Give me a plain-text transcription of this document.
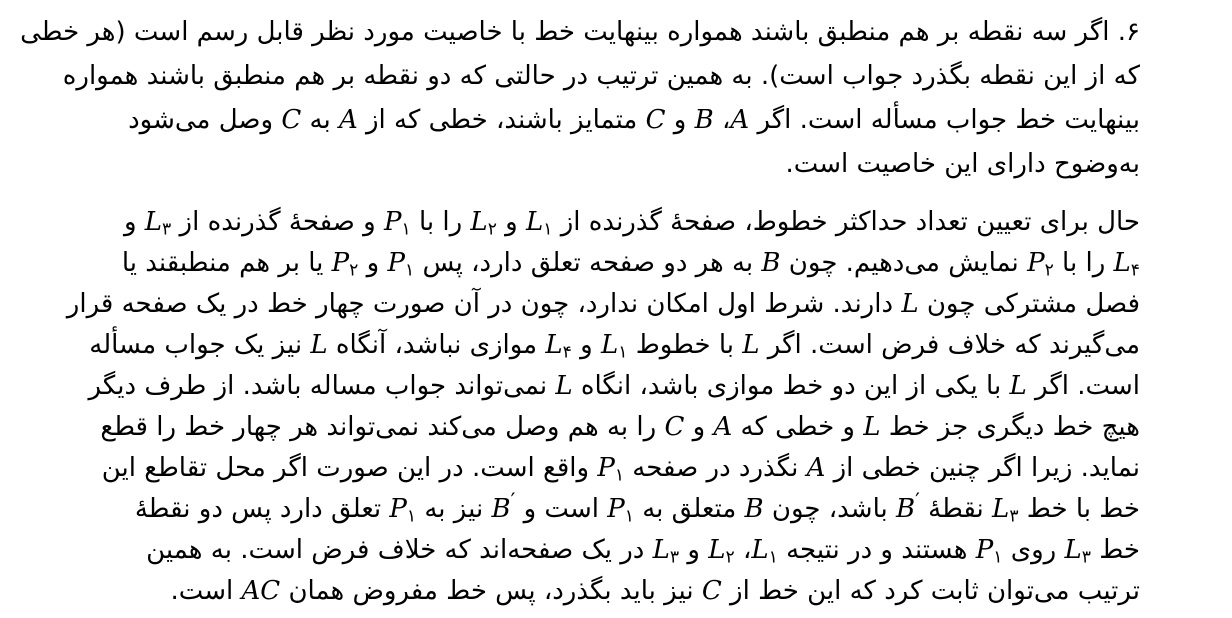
۶. اگر سه نقطه بر هم منطبق باشند همواره بینهایت خط با خاصیت مورد نظر قابل رسم است (هر خطی
که از این نقطه بگذرد جواب است). به همین ترتیب در حالتی که دو نقطه بر هم منطبق باشند همواره
بینهایت خط جواب مسأله است. اگر A، B و C متمایز باشند، خطی که از A به C وصل می‌شود
به‌وضوح دارای این خاصیت است.
حال برای تعیین تعداد حداکثر خطوط، صفحهٔ گذرنده از $L_۱$ و $L_۲$ را با $P_۱$ و صفحهٔ گذرنده از $L_۳$ و
$L_۴$ را با $P_۲$ نمایش می‌دهیم. چون B به هر دو صفحه تعلق دارد، پس $P_۱$ و $P_۲$ یا بر هم منطبقند یا
فصل مشترکی چون L دارند. شرط اول امکان ندارد، چون در آن صورت چهار خط در یک صفحه قرار
می‌گیرند که خلاف فرض است. اگر L با خطوط $L_۱$ و $L_۴$ موازی نباشد، آنگاه L نیز یک جواب مسأله
است. اگر L با یکی از این دو خط موازی باشد، انگاه L نمی‌تواند جواب مساله باشد. از طرف دیگر
هیچ خط دیگری جز خط L و خطی که A و C را به هم وصل می‌کند نمی‌تواند هر چهار خط را قطع
نماید. زیرا اگر چنین خطی از A نگذرد در صفحه $P_۱$ واقع است. در این صورت اگر محل تقاطع این
خط با خط $L_۳$ نقطهٔ B′ باشد، چون B متعلق به $P_۱$ است و B′ نیز به $P_۱$ تعلق دارد پس دو نقطهٔ
خط $L_۳$ روی $P_۱$ هستند و در نتیجه $L_۱،$ $L_۲$ و $L_۳$ در یک صفحه‌اند که خلاف فرض است. به همین
ترتیب می‌توان ثابت کرد که این خط از C نیز باید بگذرد، پس خط مفروض همان AC است.
